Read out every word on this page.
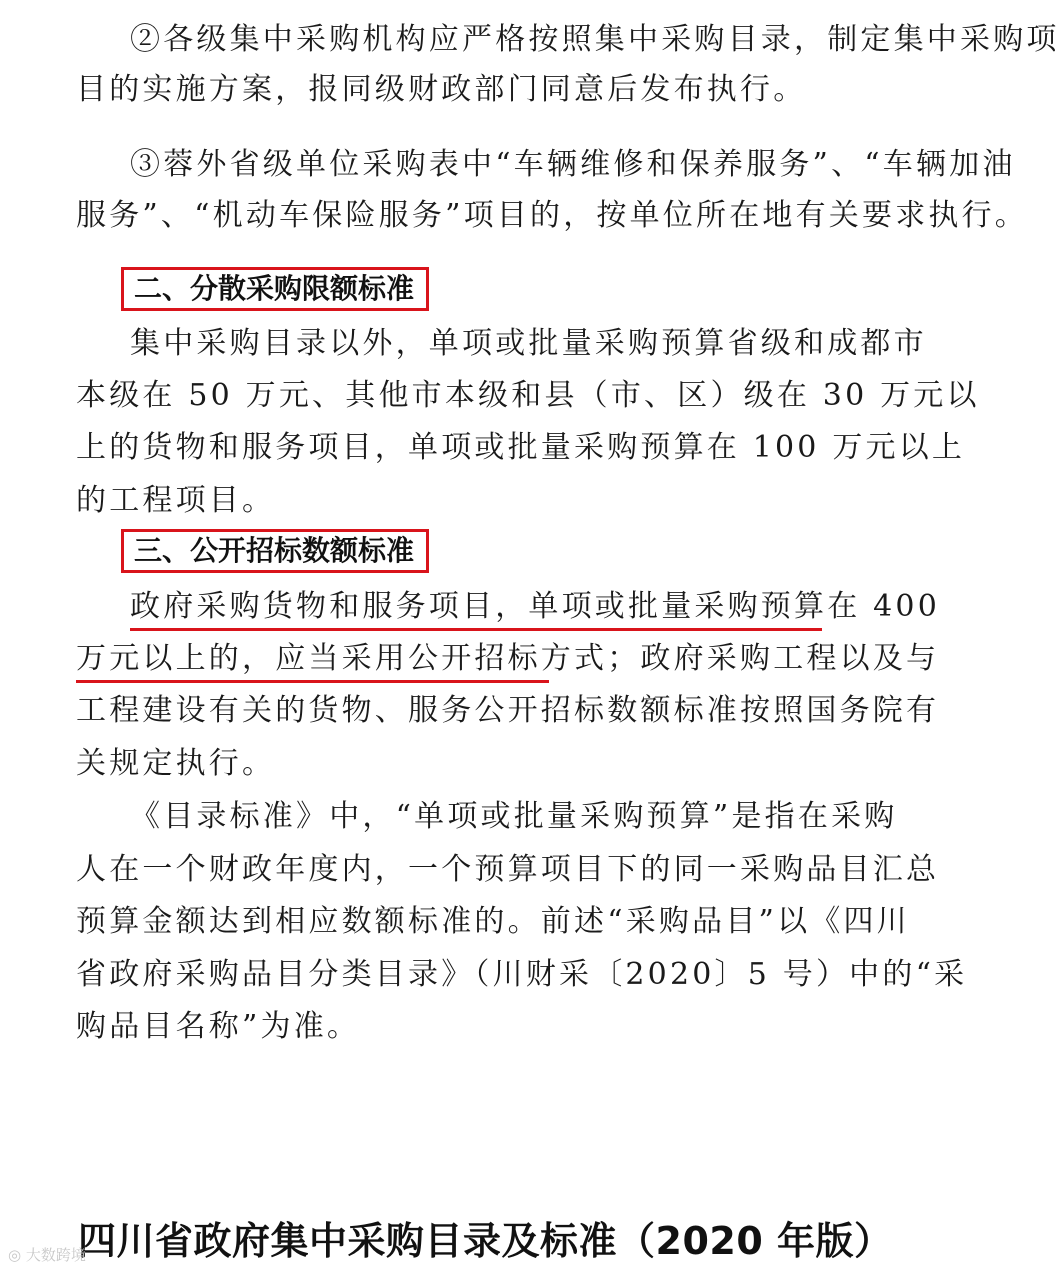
②各级集中采购机构应严格按照集中采购目录，制定集中采购项
目的实施方案，报同级财政部门同意后发布执行。
③蓉外省级单位采购表中“车辆维修和保养服务”、“车辆加油
服务”、“机动车保险服务”项目的，按单位所在地有关要求执行。
二、分散采购限额标准
集中采购目录以外，单项或批量采购预算省级和成都市
本级在 50 万元、其他市本级和县（市、区）级在 30 万元以
上的货物和服务项目，单项或批量采购预算在 100 万元以上
的工程项目。
三、公开招标数额标准
政府采购货物和服务项目，单项或批量采购预算在 400
万元以上的，应当采用公开招标方式；政府采购工程以及与
工程建设有关的货物、服务公开招标数额标准按照国务院有
关规定执行。
《目录标准》中，“单项或批量采购预算”是指在采购
人在一个财政年度内，一个预算项目下的同一采购品目汇总
预算金额达到相应数额标准的。前述“采购品目”以《四川
省政府采购品目分类目录》（川财采〔2020〕5 号）中的“采
购品目名称”为准。
四川省政府集中采购目录及标准（2020 年版）
◎ 大数跨境
